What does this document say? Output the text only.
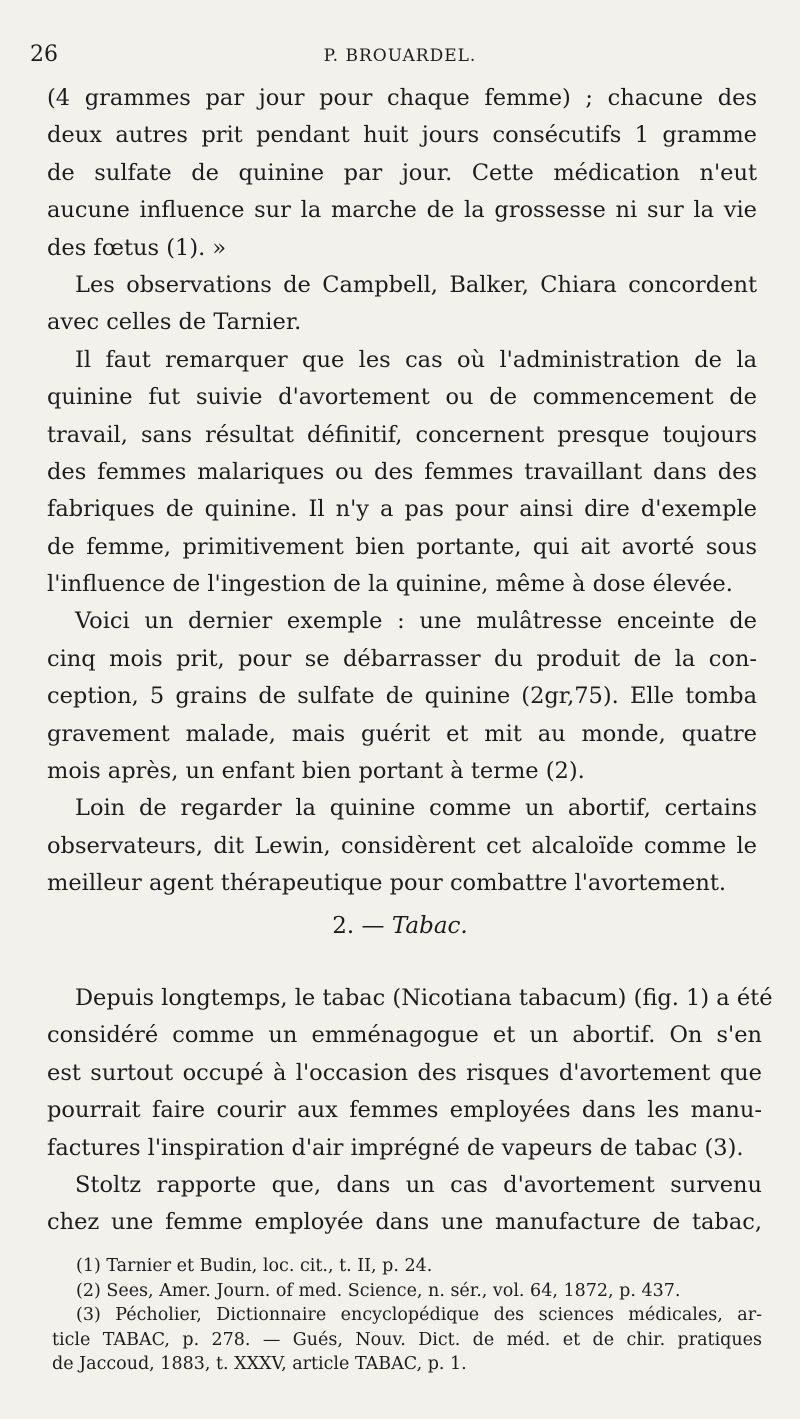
26	P. BROUARDEL.
(4 grammes par jour pour chaque femme) ; chacune des
deux autres prit pendant huit jours consécutifs 1 gramme
de sulfate de quinine par jour. Cette médication n'eut
aucune influence sur la marche de la grossesse ni sur la vie
des fœtus (1). »
Les observations de Campbell, Balker, Chiara concordent
avec celles de Tarnier.
Il faut remarquer que les cas où l'administration de la
quinine fut suivie d'avortement ou de commencement de
travail, sans résultat définitif, concernent presque toujours
des femmes malariques ou des femmes travaillant dans des
fabriques de quinine. Il n'y a pas pour ainsi dire d'exemple
de femme, primitivement bien portante, qui ait avorté sous
l'influence de l'ingestion de la quinine, même à dose élevée.
Voici un dernier exemple : une mulâtresse enceinte de
cinq mois prit, pour se débarrasser du produit de la con-
ception, 5 grains de sulfate de quinine (2gr,75). Elle tomba
gravement malade, mais guérit et mit au monde, quatre
mois après, un enfant bien portant à terme (2).
Loin de regarder la quinine comme un abortif, certains
observateurs, dit Lewin, considèrent cet alcaloïde comme le
meilleur agent thérapeutique pour combattre l'avortement.
2. — Tabac.
Depuis longtemps, le tabac (Nicotiana tabacum) (fig. 1) a été
considéré comme un emménagogue et un abortif. On s'en
est surtout occupé à l'occasion des risques d'avortement que
pourrait faire courir aux femmes employées dans les manu-
factures l'inspiration d'air imprégné de vapeurs de tabac (3).
Stoltz rapporte que, dans un cas d'avortement survenu
chez une femme employée dans une manufacture de tabac,
(1) Tarnier et Budin, loc. cit., t. II, p. 24.
(2) Sees, Amer. Journ. of med. Science, n. sér., vol. 64, 1872, p. 437.
(3) Pécholier, Dictionnaire encyclopédique des sciences médicales, ar-
ticle TABAC, p. 278. — Gués, Nouv. Dict. de méd. et de chir. pratiques
de Jaccoud, 1883, t. XXXV, article TABAC, p. 1.
